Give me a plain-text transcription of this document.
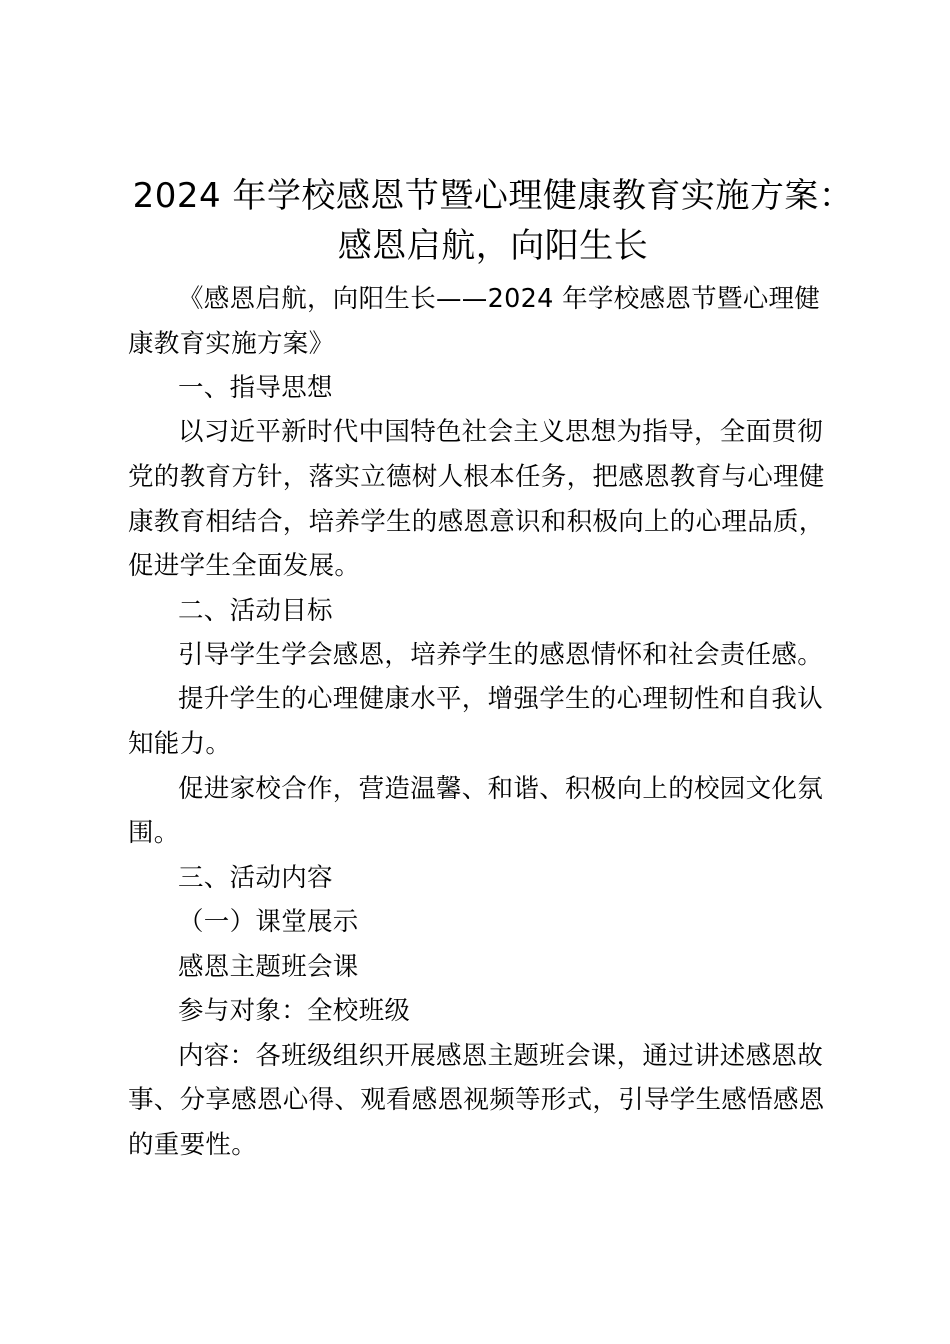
2024 年学校感恩节暨心理健康教育实施方案：
感恩启航，向阳生长
《感恩启航，向阳生长——2024 年学校感恩节暨心理健
康教育实施方案》
一、指导思想
以习近平新时代中国特色社会主义思想为指导，全面贯彻
党的教育方针，落实立德树人根本任务，把感恩教育与心理健
康教育相结合，培养学生的感恩意识和积极向上的心理品质，
促进学生全面发展。
二、活动目标
引导学生学会感恩，培养学生的感恩情怀和社会责任感。
提升学生的心理健康水平，增强学生的心理韧性和自我认
知能力。
促进家校合作，营造温馨、和谐、积极向上的校园文化氛
围。
三、活动内容
（一）课堂展示
感恩主题班会课
参与对象：全校班级
内容：各班级组织开展感恩主题班会课，通过讲述感恩故
事、分享感恩心得、观看感恩视频等形式，引导学生感悟感恩
的重要性。
